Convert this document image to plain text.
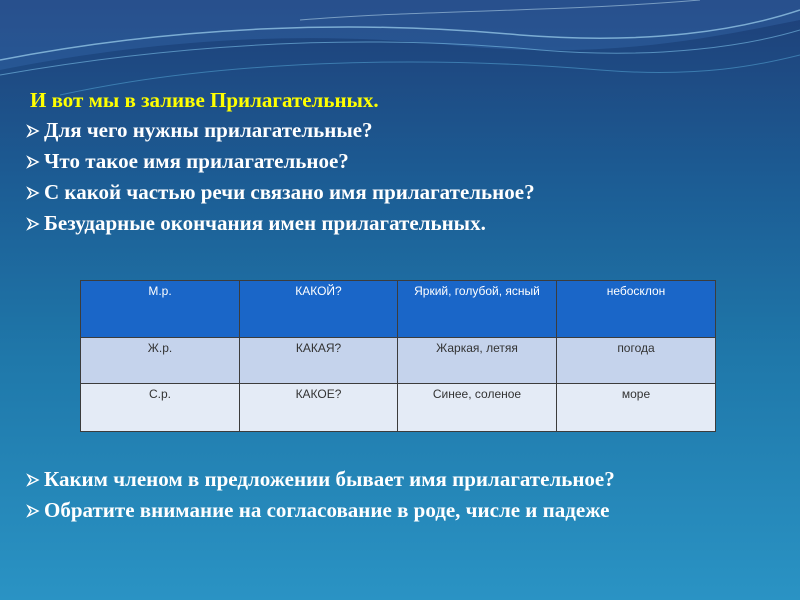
И вот мы в заливе Прилагательных.
Для чего нужны прилагательные?
Что такое имя прилагательное?
С какой частью речи связано имя прилагательное?
Безударные окончания имен прилагательных.
М.р.	КАКОЙ?	Яркий, голубой, ясный	небосклон
Ж.р.	КАКАЯ?	Жаркая, летяя	погода
С.р.	КАКОЕ?	Синее, соленое	море
Каким членом в предложении бывает имя прилагательное?
Обратите внимание на согласование в роде, числе и падеже
